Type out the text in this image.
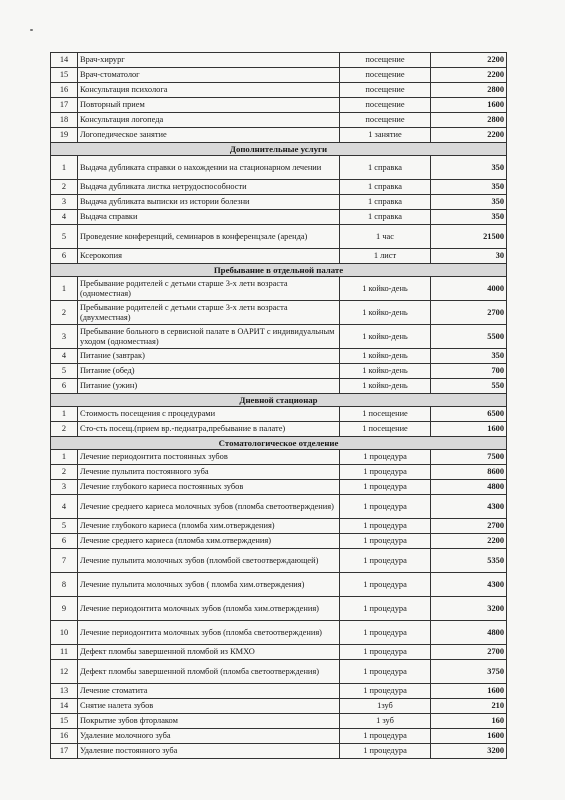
14	Врач-хирург	посещение	2200
15	Врач-стоматолог	посещение	2200
16	Консультация психолога	посещение	2800
17	Повторный прием	посещение	1600
18	Консультация логопеда	посещение	2800
19	Логопедическое занятие	1 занятие	2200
Дополнительные услуги			
1	Выдача дубликата справки о нахождении на стационарном лечении	1 справка	350
2	Выдача дубликата листка нетрудоспособности	1 справка	350
3	Выдача дубликата выписки из истории болезни	1 справка	350
4	Выдача справки	1 справка	350
5	Проведение конференций, семинаров в конференцзале (аренда)	1 час	21500
6	Ксерокопия	1 лист	30
Пребывание в отдельной палате			
1	Пребывание родителей с детьми старше 3-х летн возраста (одноместная)	1 койко-день	4000
2	Пребывание родителей с детьми старше 3-х летн возраста (двухместная)	1 койко-день	2700
3	Пребывание больного в сервисной палате в ОАРИТ с индивидуальным уходом (одноместная)	1 койко-день	5500
4	Питание (завтрак)	1 койко-день	350
5	Питание (обед)	1 койко-день	700
6	Питание (ужин)	1 койко-день	550
Дневной стационар			
1	Стоимость посещения с процедурами	1 посещение	6500
2	Сто-сть посещ.(прием вр.-педиатра,пребывание в палате)	1 посещение	1600
Стоматологическое отделение			
1	Лечение периодонтита постоянных зубов	1 процедура	7500
2	Лечение пульпита постоянного зуба	1 процедура	8600
3	Лечение глубокого кариеса постоянных зубов	1 процедура	4800
4	Лечение среднего кариеса молочных зубов (пломба светоотверждения)	1 процедура	4300
5	Лечение глубокого кариеса (пломба хим.отверждения)	1 процедура	2700
6	Лечение среднего кариеса (пломба хим.отверждения)	1 процедура	2200
7	Лечение пульпита молочных зубов (пломбой светоотверждающей)	1 процедура	5350
8	Лечение пульпита молочных зубов ( пломба хим.отверждения)	1 процедура	4300
9	Лечение периодонтита молочных зубов (пломба хим.отверждения)	1 процедура	3200
10	Лечение периодонтита молочных зубов (пломба светоотверждения)	1 процедура	4800
11	Дефект пломбы завершенной пломбой из КМХО	1 процедура	2700
12	Дефект пломбы завершенной пломбой (пломба светоотверждения)	1 процедура	3750
13	Лечение стоматита	1 процедура	1600
14	Снятие налета зубов	1зуб	210
15	Покрытие зубов фторлаком	1 зуб	160
16	Удаление молочного зуба	1 процедура	1600
17	Удаление постоянного зуба	1 процедура	3200
